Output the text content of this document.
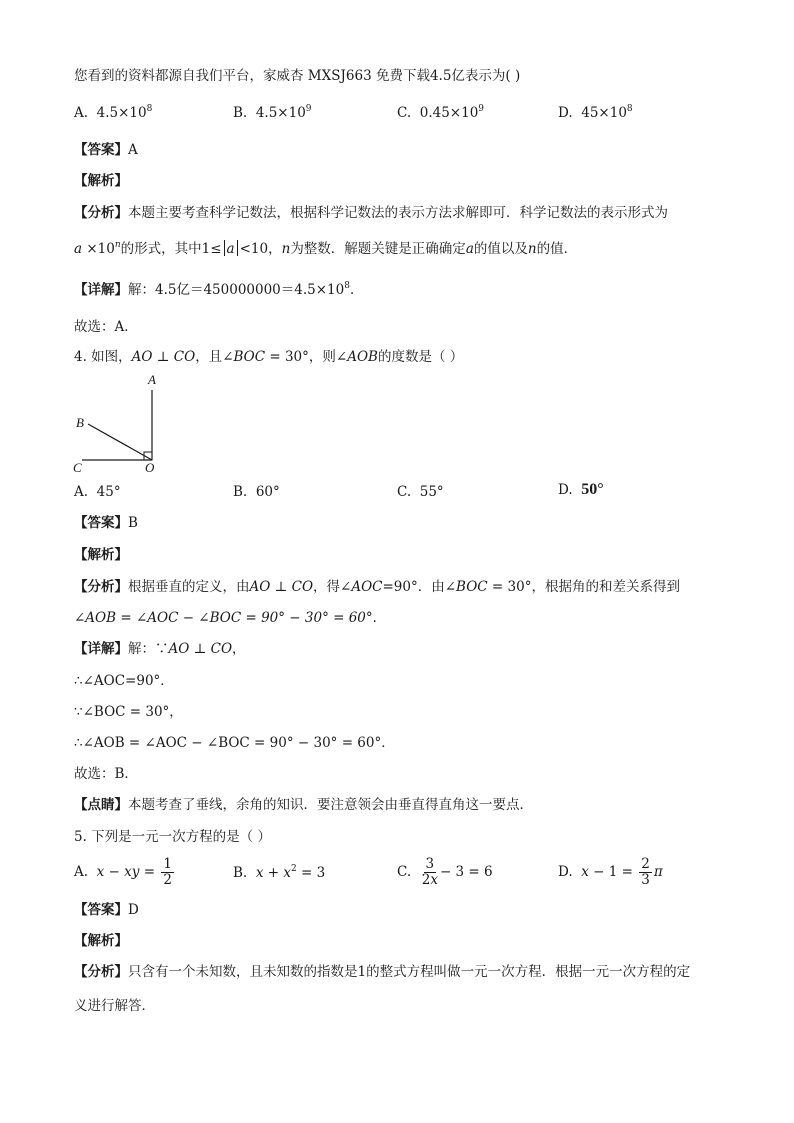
您看到的资料都源自我们平台，家威杏 MXSJ663 免费下载4.5亿表示为( )
A. $4.5\times 10^8$	B. $4.5\times 10^9$	C. $0.45\times 10^9$	D. $45\times 10^8$
【答案】A
【解析】
【分析】本题主要考查科学记数法，根据科学记数法的表示方法求解即可．科学记数法的表示形式为
$a \times 10^n$的形式，其中1≤ a <10，n为整数．解题关键是正确确定a的值以及n的值．
【详解】解：4.5亿$=450000000=4.5\times 10^8$．
故选：A．
4. 如图，AO ⊥ CO，且∠BOC = 30°，则∠AOB的度数是（ ）
A
B
C	O
A. 45°	B. 60°	C. 55°	D. 50°
【答案】B
【解析】
【分析】根据垂直的定义，由AO ⊥ CO，得∠AOC=90°．由∠BOC = 30°，根据角的和差关系得到
∠AOB = ∠AOC − ∠BOC = 90° − 30° = 60°．
【详解】解：∵AO ⊥ CO，
∴∠AOC=90°．
∵∠BOC = 30°，
∴∠AOB = ∠AOC − ∠BOC = 90° − 30° = 60°．
故选：B．
【点睛】本题考查了垂线，余角的知识．要注意领会由垂直得直角这一要点．
5. 下列是一元一次方程的是（ ）
A.
x − xy = $\frac{1}{2}$	B. $x + x^2 = 3$	C.
$\frac{3}{2x} - 3 = 6$	D.
$x - 1 = \frac{2}{3}$ π
【答案】D
【解析】
【分析】只含有一个未知数，且未知数的指数是1的整式方程叫做一元一次方程．根据一元一次方程的定
义进行解答．
